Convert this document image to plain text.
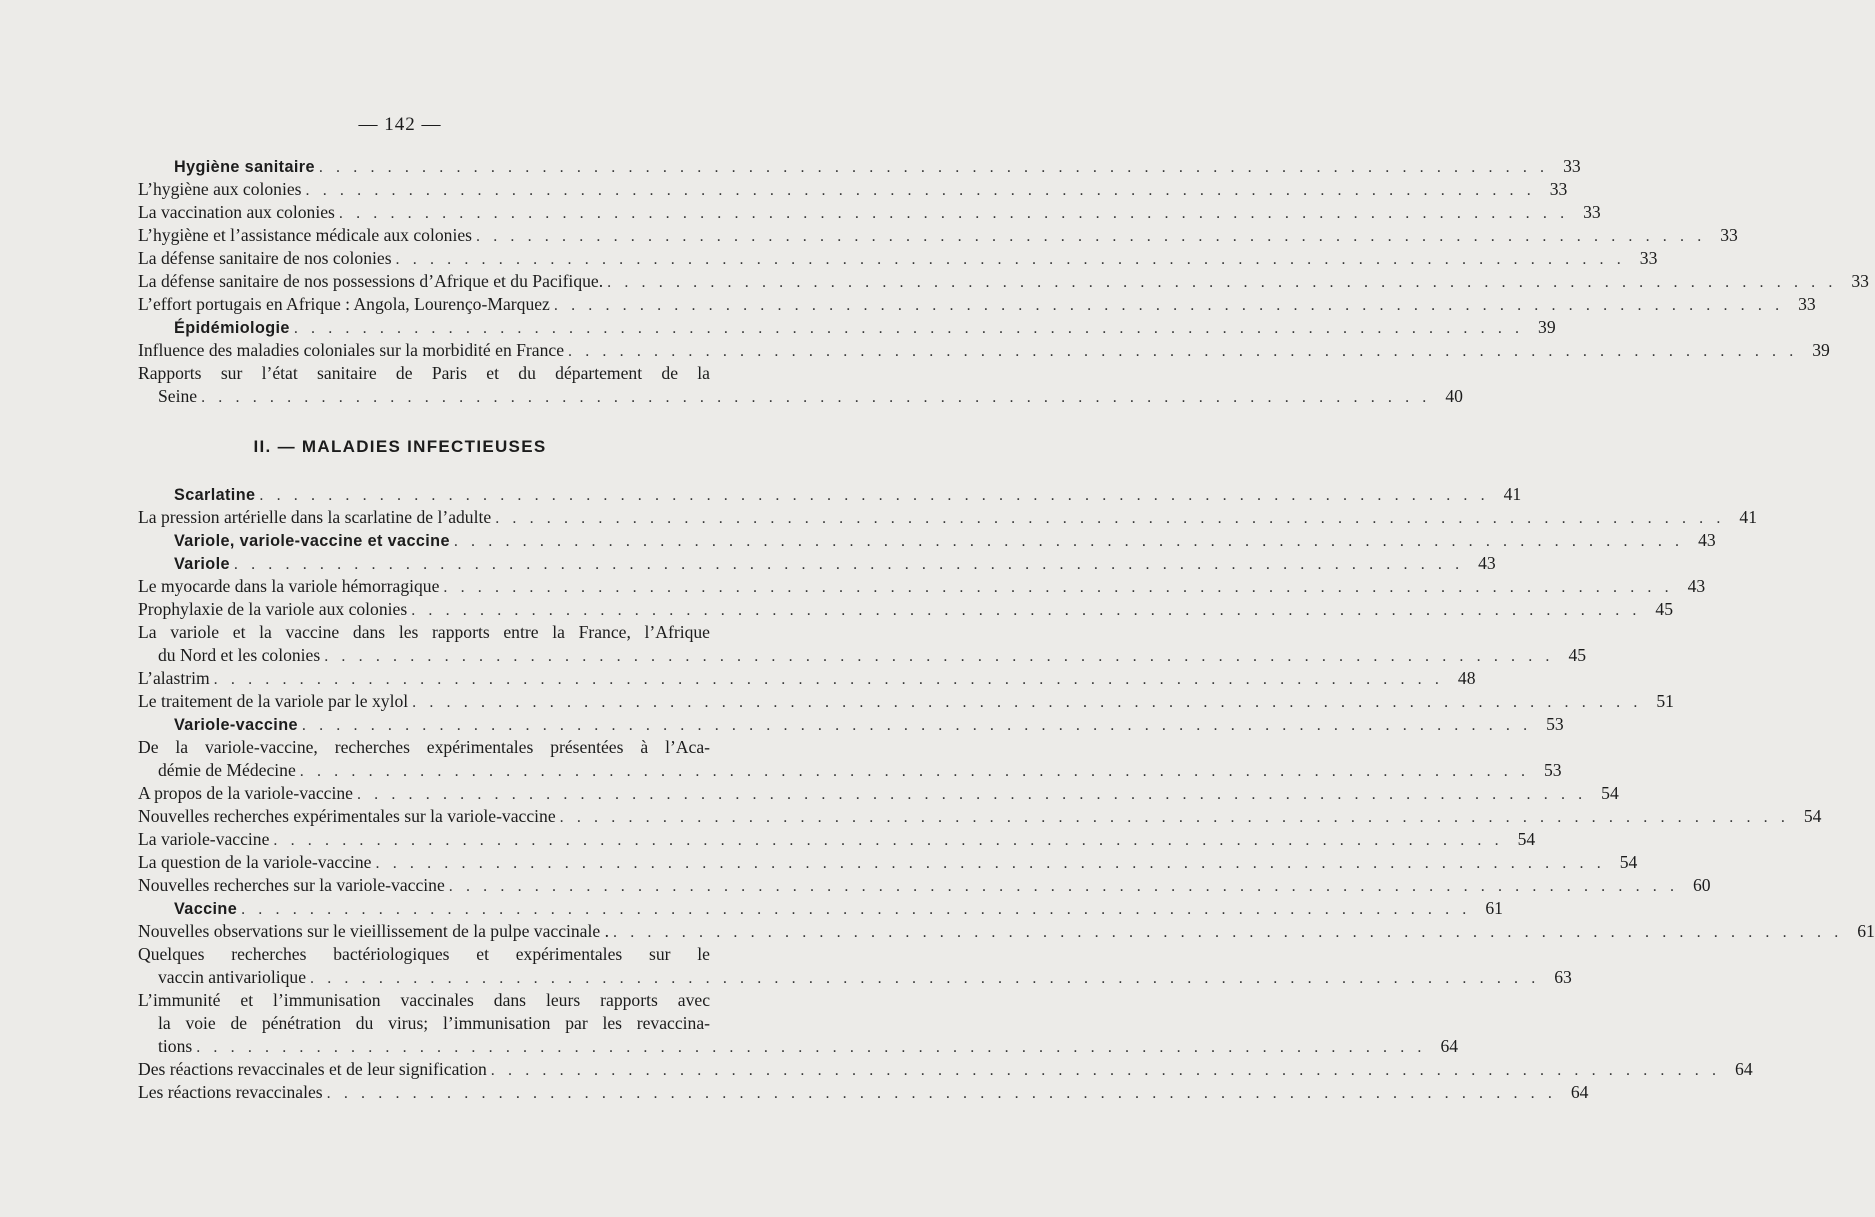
— 142 —
Hygiène sanitaire . . . . . . . . . . . . . . . . . . . . . . . . . . . . . . . . . . . . . . . . . . . . . . . . . . . . . . . . . . . . . . . . . . . . . . . . 33
L’hygiène aux colonies . . . . . . . . . . . . . . . . . . . . . . . . . . . . . . . . . . . . . . . . . . . . . . . . . . . . . . . . . . . . . . . . . . . . . . . . 33
La vaccination aux colonies . . . . . . . . . . . . . . . . . . . . . . . . . . . . . . . . . . . . . . . . . . . . . . . . . . . . . . . . . . . . . . . . . . . . . . . . 33
L’hygiène et l’assistance médicale aux colonies . . . . . . . . . . . . . . . . . . . . . . . . . . . . . . . . . . . . . . . . . . . . . . . . . . . . . . . . . . . . . . . . . . . . . . . . 33
La défense sanitaire de nos colonies . . . . . . . . . . . . . . . . . . . . . . . . . . . . . . . . . . . . . . . . . . . . . . . . . . . . . . . . . . . . . . . . . . . . . . . . 33
La défense sanitaire de nos possessions d’Afrique et du Pacifique. . . . . . . . . . . . . . . . . . . . . . . . . . . . . . . . . . . . . . . . . . . . . . . . . . . . . . . . . . . . . . . . . . . . . . . . . 33
L’effort portugais en Afrique : Angola, Lourenço-Marquez . . . . . . . . . . . . . . . . . . . . . . . . . . . . . . . . . . . . . . . . . . . . . . . . . . . . . . . . . . . . . . . . . . . . . . . . 33
Épidémiologie . . . . . . . . . . . . . . . . . . . . . . . . . . . . . . . . . . . . . . . . . . . . . . . . . . . . . . . . . . . . . . . . . . . . . . . . 39
Influence des maladies coloniales sur la morbidité en France . . . . . . . . . . . . . . . . . . . . . . . . . . . . . . . . . . . . . . . . . . . . . . . . . . . . . . . . . . . . . . . . . . . . . . . . 39
Rapports sur l’état sanitaire de Paris et du département de la
Seine . . . . . . . . . . . . . . . . . . . . . . . . . . . . . . . . . . . . . . . . . . . . . . . . . . . . . . . . . . . . . . . . . . . . . . . . 40
II. — MALADIES INFECTIEUSES
Scarlatine . . . . . . . . . . . . . . . . . . . . . . . . . . . . . . . . . . . . . . . . . . . . . . . . . . . . . . . . . . . . . . . . . . . . . . . . 41
La pression artérielle dans la scarlatine de l’adulte . . . . . . . . . . . . . . . . . . . . . . . . . . . . . . . . . . . . . . . . . . . . . . . . . . . . . . . . . . . . . . . . . . . . . . . . 41
Variole, variole-vaccine et vaccine . . . . . . . . . . . . . . . . . . . . . . . . . . . . . . . . . . . . . . . . . . . . . . . . . . . . . . . . . . . . . . . . . . . . . . . . 43
Variole . . . . . . . . . . . . . . . . . . . . . . . . . . . . . . . . . . . . . . . . . . . . . . . . . . . . . . . . . . . . . . . . . . . . . . . . 43
Le myocarde dans la variole hémorragique . . . . . . . . . . . . . . . . . . . . . . . . . . . . . . . . . . . . . . . . . . . . . . . . . . . . . . . . . . . . . . . . . . . . . . . . 43
Prophylaxie de la variole aux colonies . . . . . . . . . . . . . . . . . . . . . . . . . . . . . . . . . . . . . . . . . . . . . . . . . . . . . . . . . . . . . . . . . . . . . . . . 45
La variole et la vaccine dans les rapports entre la France, l’Afrique
du Nord et les colonies . . . . . . . . . . . . . . . . . . . . . . . . . . . . . . . . . . . . . . . . . . . . . . . . . . . . . . . . . . . . . . . . . . . . . . . . 45
L’alastrim . . . . . . . . . . . . . . . . . . . . . . . . . . . . . . . . . . . . . . . . . . . . . . . . . . . . . . . . . . . . . . . . . . . . . . . . 48
Le traitement de la variole par le xylol . . . . . . . . . . . . . . . . . . . . . . . . . . . . . . . . . . . . . . . . . . . . . . . . . . . . . . . . . . . . . . . . . . . . . . . . 51
Variole-vaccine . . . . . . . . . . . . . . . . . . . . . . . . . . . . . . . . . . . . . . . . . . . . . . . . . . . . . . . . . . . . . . . . . . . . . . . . 53
De la variole-vaccine, recherches expérimentales présentées à l’Aca-
démie de Médecine . . . . . . . . . . . . . . . . . . . . . . . . . . . . . . . . . . . . . . . . . . . . . . . . . . . . . . . . . . . . . . . . . . . . . . . . 53
A propos de la variole-vaccine . . . . . . . . . . . . . . . . . . . . . . . . . . . . . . . . . . . . . . . . . . . . . . . . . . . . . . . . . . . . . . . . . . . . . . . . 54
Nouvelles recherches expérimentales sur la variole-vaccine . . . . . . . . . . . . . . . . . . . . . . . . . . . . . . . . . . . . . . . . . . . . . . . . . . . . . . . . . . . . . . . . . . . . . . . . 54
La variole-vaccine . . . . . . . . . . . . . . . . . . . . . . . . . . . . . . . . . . . . . . . . . . . . . . . . . . . . . . . . . . . . . . . . . . . . . . . . 54
La question de la variole-vaccine . . . . . . . . . . . . . . . . . . . . . . . . . . . . . . . . . . . . . . . . . . . . . . . . . . . . . . . . . . . . . . . . . . . . . . . . 54
Nouvelles recherches sur la variole-vaccine . . . . . . . . . . . . . . . . . . . . . . . . . . . . . . . . . . . . . . . . . . . . . . . . . . . . . . . . . . . . . . . . . . . . . . . . 60
Vaccine . . . . . . . . . . . . . . . . . . . . . . . . . . . . . . . . . . . . . . . . . . . . . . . . . . . . . . . . . . . . . . . . . . . . . . . . 61
Nouvelles observations sur le vieillissement de la pulpe vaccinale . . . . . . . . . . . . . . . . . . . . . . . . . . . . . . . . . . . . . . . . . . . . . . . . . . . . . . . . . . . . . . . . . . . . . . . . . 61
Quelques recherches bactériologiques et expérimentales sur le
vaccin antivariolique . . . . . . . . . . . . . . . . . . . . . . . . . . . . . . . . . . . . . . . . . . . . . . . . . . . . . . . . . . . . . . . . . . . . . . . . 63
L’immunité et l’immunisation vaccinales dans leurs rapports avec
la voie de pénétration du virus; l’immunisation par les revaccina-
tions . . . . . . . . . . . . . . . . . . . . . . . . . . . . . . . . . . . . . . . . . . . . . . . . . . . . . . . . . . . . . . . . . . . . . . . . 64
Des réactions revaccinales et de leur signification . . . . . . . . . . . . . . . . . . . . . . . . . . . . . . . . . . . . . . . . . . . . . . . . . . . . . . . . . . . . . . . . . . . . . . . . 64
Les réactions revaccinales . . . . . . . . . . . . . . . . . . . . . . . . . . . . . . . . . . . . . . . . . . . . . . . . . . . . . . . . . . . . . . . . . . . . . . . . 64
